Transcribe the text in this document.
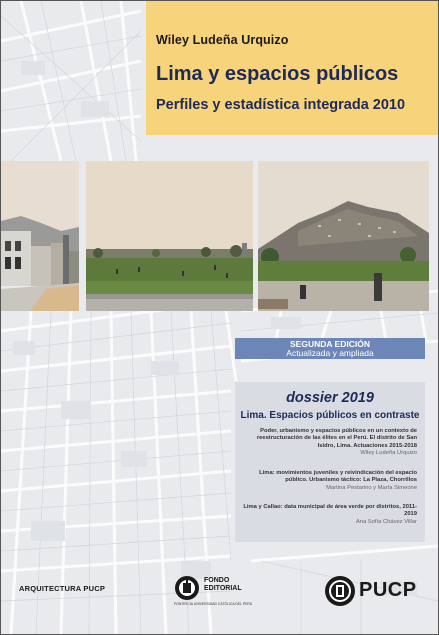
Wiley Ludeña Urquizo
Lima y espacios públicos
Perfiles y estadística integrada 2010
SEGUNDA EDICIÓN
Actualizada y ampliada
dossier 2019
Lima. Espacios públicos en contraste
Poder, urbanismo y espacios públicos en un contexto de reestructuración de las élites en el Perú. El distrito de San Isidro, Lima. Actuaciones 2015-2018
Wiley Ludeña Urquizo
Lima: movimientos juveniles y reivindicación del espacio público. Urbanismo táctico: La Plaza, Chorrillos
Martina Pestarino y María Simeone
Lima y Callao: data municipal de área verde por distritos, 2011-2019
Ana Sofía Chávez Villar
ARQUITECTURA PUCP
FONDO
EDITORIAL
PONTIFICIA UNIVERSIDAD CATÓLICA DEL PERÚ
PUCP
